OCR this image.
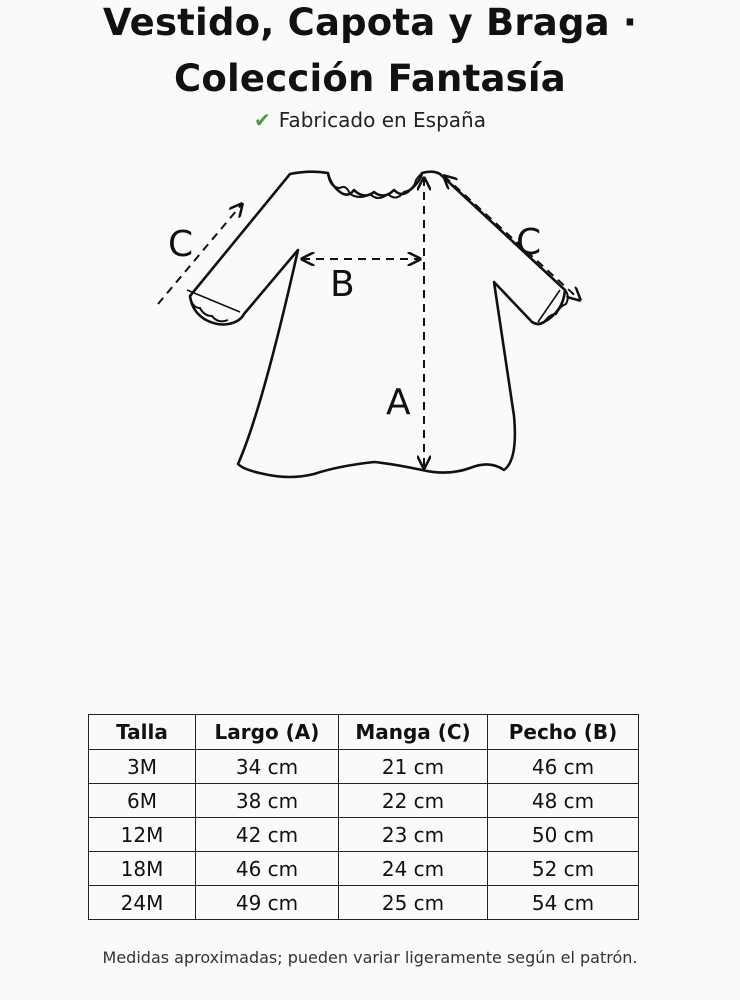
Vestido, Capota y Braga ·
Colección Fantasía
✔ Fabricado en España
C	C
B
A
Talla	Largo (A)	Manga (C)	Pecho (B)
3M	34 cm	21 cm	46 cm
6M	38 cm	22 cm	48 cm
12M	42 cm	23 cm	50 cm
18M	46 cm	24 cm	52 cm
24M	49 cm	25 cm	54 cm
Medidas aproximadas; pueden variar ligeramente según el patrón.
